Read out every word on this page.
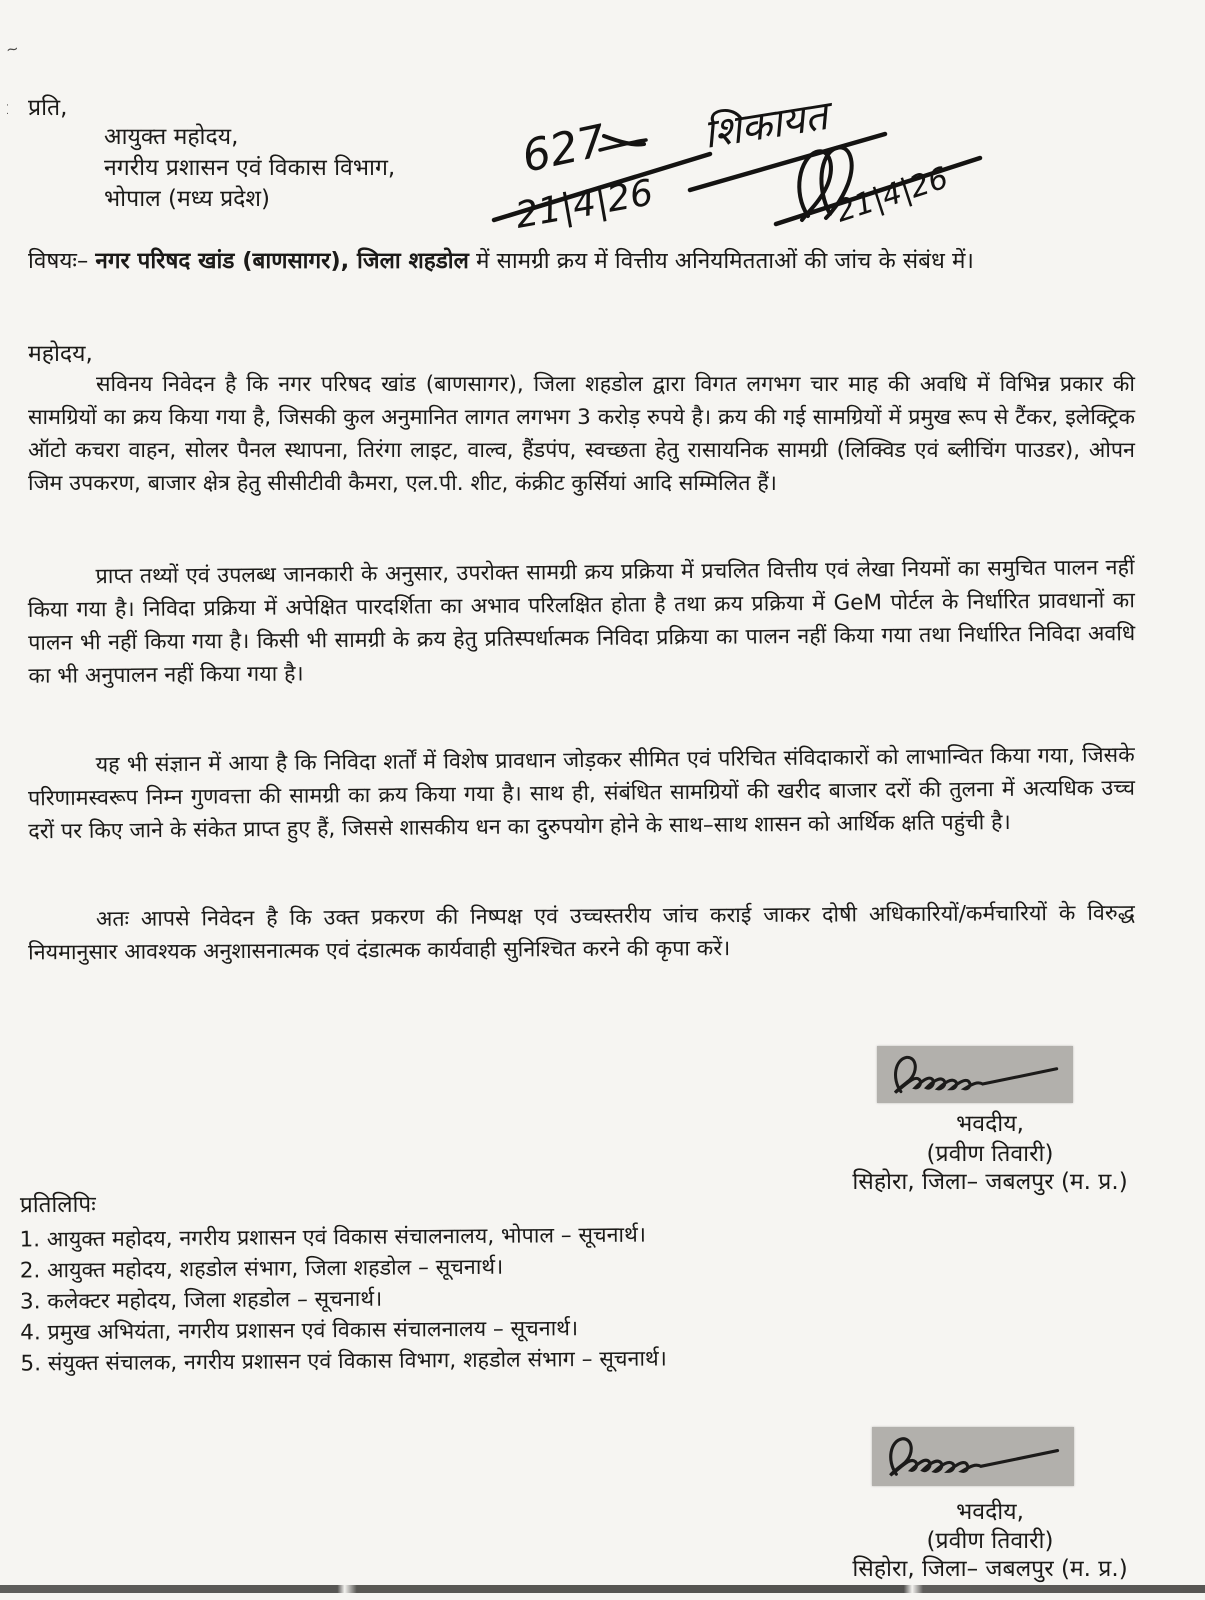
~
प्रति,
आयुक्त महोदय,
नगरीय प्रशासन एवं विकास विभाग,
भोपाल (मध्य प्रदेश)
627
21|4|26
शिकायत
21|4|26
विषयः– नगर परिषद खांड (बाणसागर), जिला शहडोल में सामग्री क्रय में वित्तीय अनियमितताओं की जांच के संबंध में।
महोदय,
सविनय निवेदन है कि नगर परिषद खांड (बाणसागर), जिला शहडोल द्वारा विगत लगभग चार माह की अवधि में विभिन्न प्रकार की सामग्रियों का क्रय किया गया है, जिसकी कुल अनुमानित लागत लगभग 3 करोड़ रुपये है। क्रय की गई सामग्रियों में प्रमुख रूप से टैंकर, इलेक्ट्रिक ऑटो कचरा वाहन, सोलर पैनल स्थापना, तिरंगा लाइट, वाल्व, हैंडपंप, स्वच्छता हेतु रासायनिक सामग्री (लिक्विड एवं ब्लीचिंग पाउडर), ओपन जिम उपकरण, बाजार क्षेत्र हेतु सीसीटीवी कैमरा, एल.पी. शीट, कंक्रीट कुर्सियां आदि सम्मिलित हैं।
प्राप्त तथ्यों एवं उपलब्ध जानकारी के अनुसार, उपरोक्त सामग्री क्रय प्रक्रिया में प्रचलित वित्तीय एवं लेखा नियमों का समुचित पालन नहीं किया गया है। निविदा प्रक्रिया में अपेक्षित पारदर्शिता का अभाव परिलक्षित होता है तथा क्रय प्रक्रिया में GeM पोर्टल के निर्धारित प्रावधानों का पालन भी नहीं किया गया है। किसी भी सामग्री के क्रय हेतु प्रतिस्पर्धात्मक निविदा प्रक्रिया का पालन नहीं किया गया तथा निर्धारित निविदा अवधि का भी अनुपालन नहीं किया गया है।
यह भी संज्ञान में आया है कि निविदा शर्तों में विशेष प्रावधान जोड़कर सीमित एवं परिचित संविदाकारों को लाभान्वित किया गया, जिसके परिणामस्वरूप निम्न गुणवत्ता की सामग्री का क्रय किया गया है। साथ ही, संबंधित सामग्रियों की खरीद बाजार दरों की तुलना में अत्यधिक उच्च दरों पर किए जाने के संकेत प्राप्त हुए हैं, जिससे शासकीय धन का दुरुपयोग होने के साथ–साथ शासन को आर्थिक क्षति पहुंची है।
अतः आपसे निवेदन है कि उक्त प्रकरण की निष्पक्ष एवं उच्चस्तरीय जांच कराई जाकर दोषी अधिकारियों/कर्मचारियों के विरुद्ध नियमानुसार आवश्यक अनुशासनात्मक एवं दंडात्मक कार्यवाही सुनिश्चित करने की कृपा करें।
भवदीय,
(प्रवीण तिवारी)
सिहोरा, जिला– जबलपुर (म. प्र.)
प्रतिलिपिः
1. आयुक्त महोदय, नगरीय प्रशासन एवं विकास संचालनालय, भोपाल – सूचनार्थ।
2. आयुक्त महोदय, शहडोल संभाग, जिला शहडोल – सूचनार्थ।
3. कलेक्टर महोदय, जिला शहडोल – सूचनार्थ।
4. प्रमुख अभियंता, नगरीय प्रशासन एवं विकास संचालनालय – सूचनार्थ।
5. संयुक्त संचालक, नगरीय प्रशासन एवं विकास विभाग, शहडोल संभाग – सूचनार्थ।
भवदीय,
(प्रवीण तिवारी)
सिहोरा, जिला– जबलपुर (म. प्र.)
